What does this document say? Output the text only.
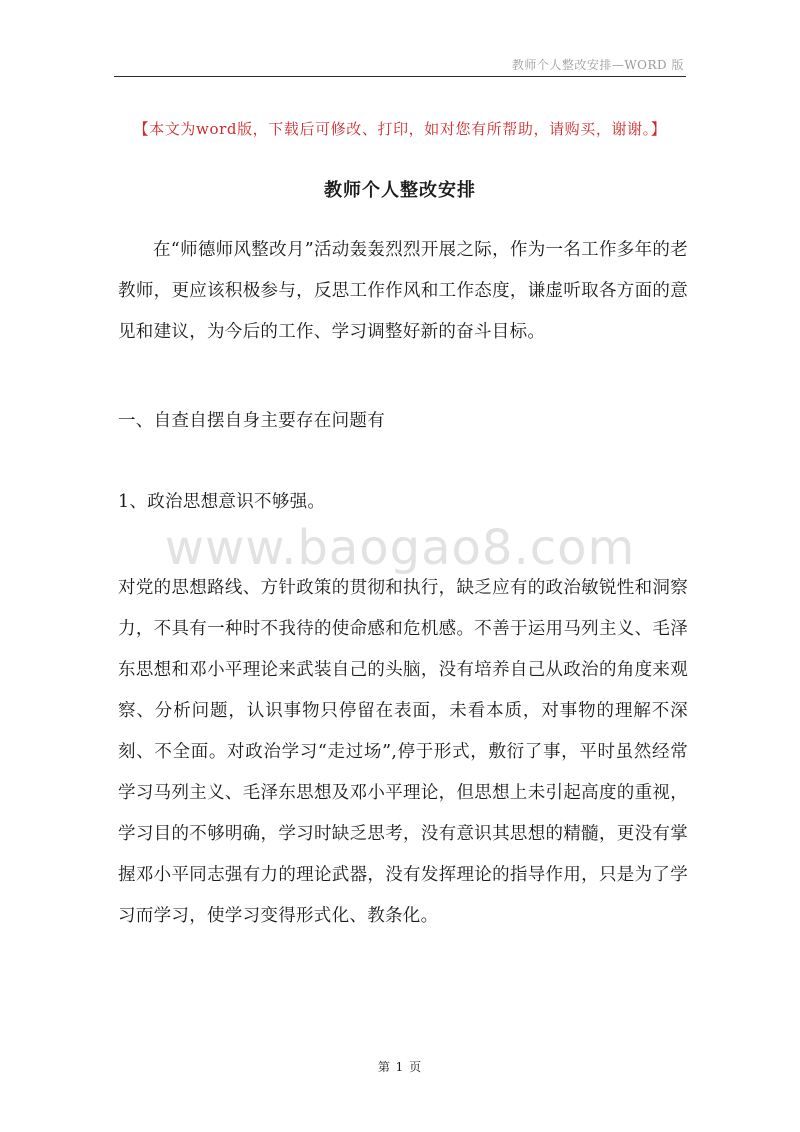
教师个人整改安排—WORD 版
【本文为word版，下载后可修改、打印，如对您有所帮助，请购买，谢谢。】
教师个人整改安排

在“师德师风整改月”活动轰轰烈烈开展之际，作为一名工作多年的老教师，更应该积极参与，反思工作作风和工作态度，谦虚听取各方面的意见和建议，为今后的工作、学习调整好新的奋斗目标。

一、自查自摆自身主要存在问题有

1、政治思想意识不够强。

www.baogao8.com

对党的思想路线、方针政策的贯彻和执行，缺乏应有的政治敏锐性和洞察力，不具有一种时不我待的使命感和危机感。不善于运用马列主义、毛泽东思想和邓小平理论来武装自己的头脑，没有培养自己从政治的角度来观察、分析问题，认识事物只停留在表面，未看本质，对事物的理解不深刻、不全面。对政治学习“走过场”,停于形式，敷衍了事，平时虽然经常学习马列主义、毛泽东思想及邓小平理论，但思想上未引起高度的重视，学习目的不够明确，学习时缺乏思考，没有意识其思想的精髓，更没有掌握邓小平同志强有力的理论武器，没有发挥理论的指导作用，只是为了学习而学习，使学习变得形式化、教条化。

第 1 页
